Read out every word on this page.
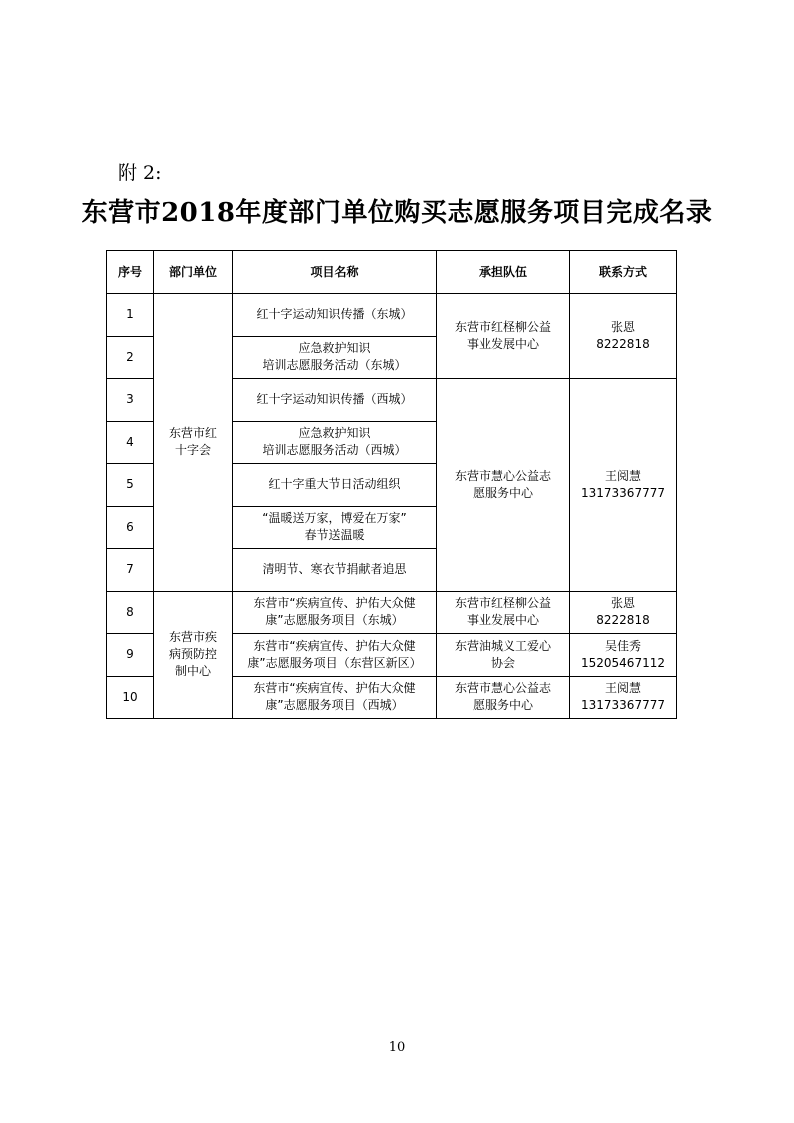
附 2:
东营市2018年度部门单位购买志愿服务项目完成名录
序号	部门单位	项目名称	承担队伍	联系方式
1	东营市红
十字会	红十字运动知识传播（东城）	东营市红柽柳公益
事业发展中心	张恩
8222818
2		应急救护知识
培训志愿服务活动（东城）		
3		红十字运动知识传播（西城）	东营市慧心公益志
愿服务中心	王阅慧
13173367777
4		应急救护知识
培训志愿服务活动（西城）		
5		红十字重大节日活动组织		
6		“温暖送万家，博爱在万家”
春节送温暖		
7		清明节、寒衣节捐献者追思		
8	东营市疾
病预防控
制中心	东营市“疾病宣传、护佑大众健
康”志愿服务项目（东城）	东营市红柽柳公益
事业发展中心	张恩
8222818
9		东营市“疾病宣传、护佑大众健
康”志愿服务项目（东营区新区）	东营油城义工爱心
协会	吴佳秀
15205467112
10		东营市“疾病宣传、护佑大众健
康”志愿服务项目（西城）	东营市慧心公益志
愿服务中心	王阅慧
13173367777
10
